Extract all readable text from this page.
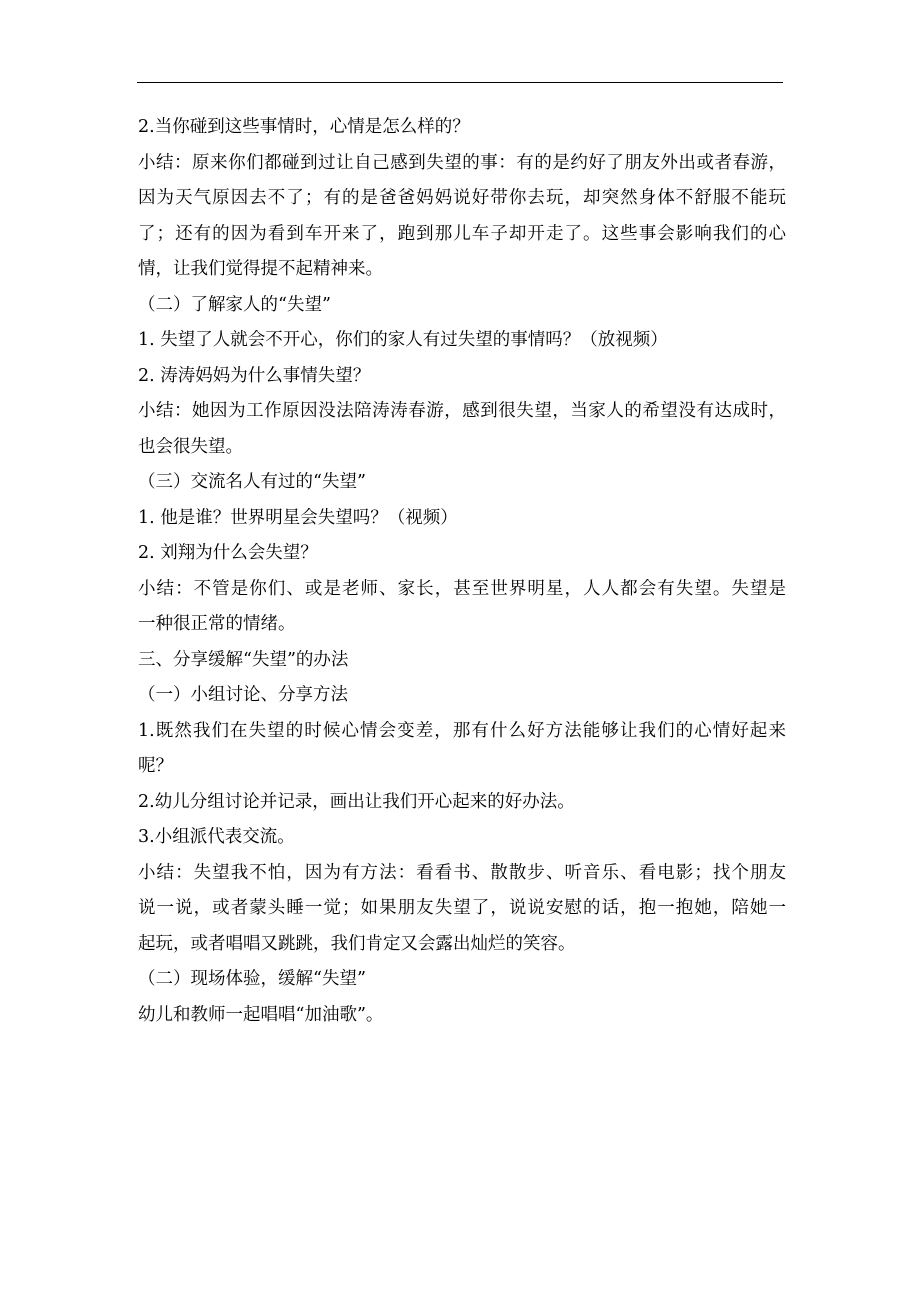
2.当你碰到这些事情时，心情是怎么样的？
小结：原来你们都碰到过让自己感到失望的事：有的是约好了朋友外出或者春游，
因为天气原因去不了；有的是爸爸妈妈说好带你去玩，却突然身体不舒服不能玩
了；还有的因为看到车开来了，跑到那儿车子却开走了。这些事会影响我们的心
情，让我们觉得提不起精神来。
（二）了解家人的“失望”
1. 失望了人就会不开心，你们的家人有过失望的事情吗？（放视频）
2. 涛涛妈妈为什么事情失望？
小结：她因为工作原因没法陪涛涛春游，感到很失望，当家人的希望没有达成时，
也会很失望。
（三）交流名人有过的“失望”
1. 他是谁？世界明星会失望吗？（视频）
2. 刘翔为什么会失望？
小结：不管是你们、或是老师、家长，甚至世界明星，人人都会有失望。失望是
一种很正常的情绪。
三、分享缓解“失望”的办法
（一）小组讨论、分享方法
1.既然我们在失望的时候心情会变差，那有什么好方法能够让我们的心情好起来
呢？
2.幼儿分组讨论并记录，画出让我们开心起来的好办法。
3.小组派代表交流。
小结：失望我不怕，因为有方法：看看书、散散步、听音乐、看电影；找个朋友
说一说，或者蒙头睡一觉；如果朋友失望了，说说安慰的话，抱一抱她，陪她一
起玩，或者唱唱又跳跳，我们肯定又会露出灿烂的笑容。
（二）现场体验，缓解“失望”
幼儿和教师一起唱唱“加油歌”。
